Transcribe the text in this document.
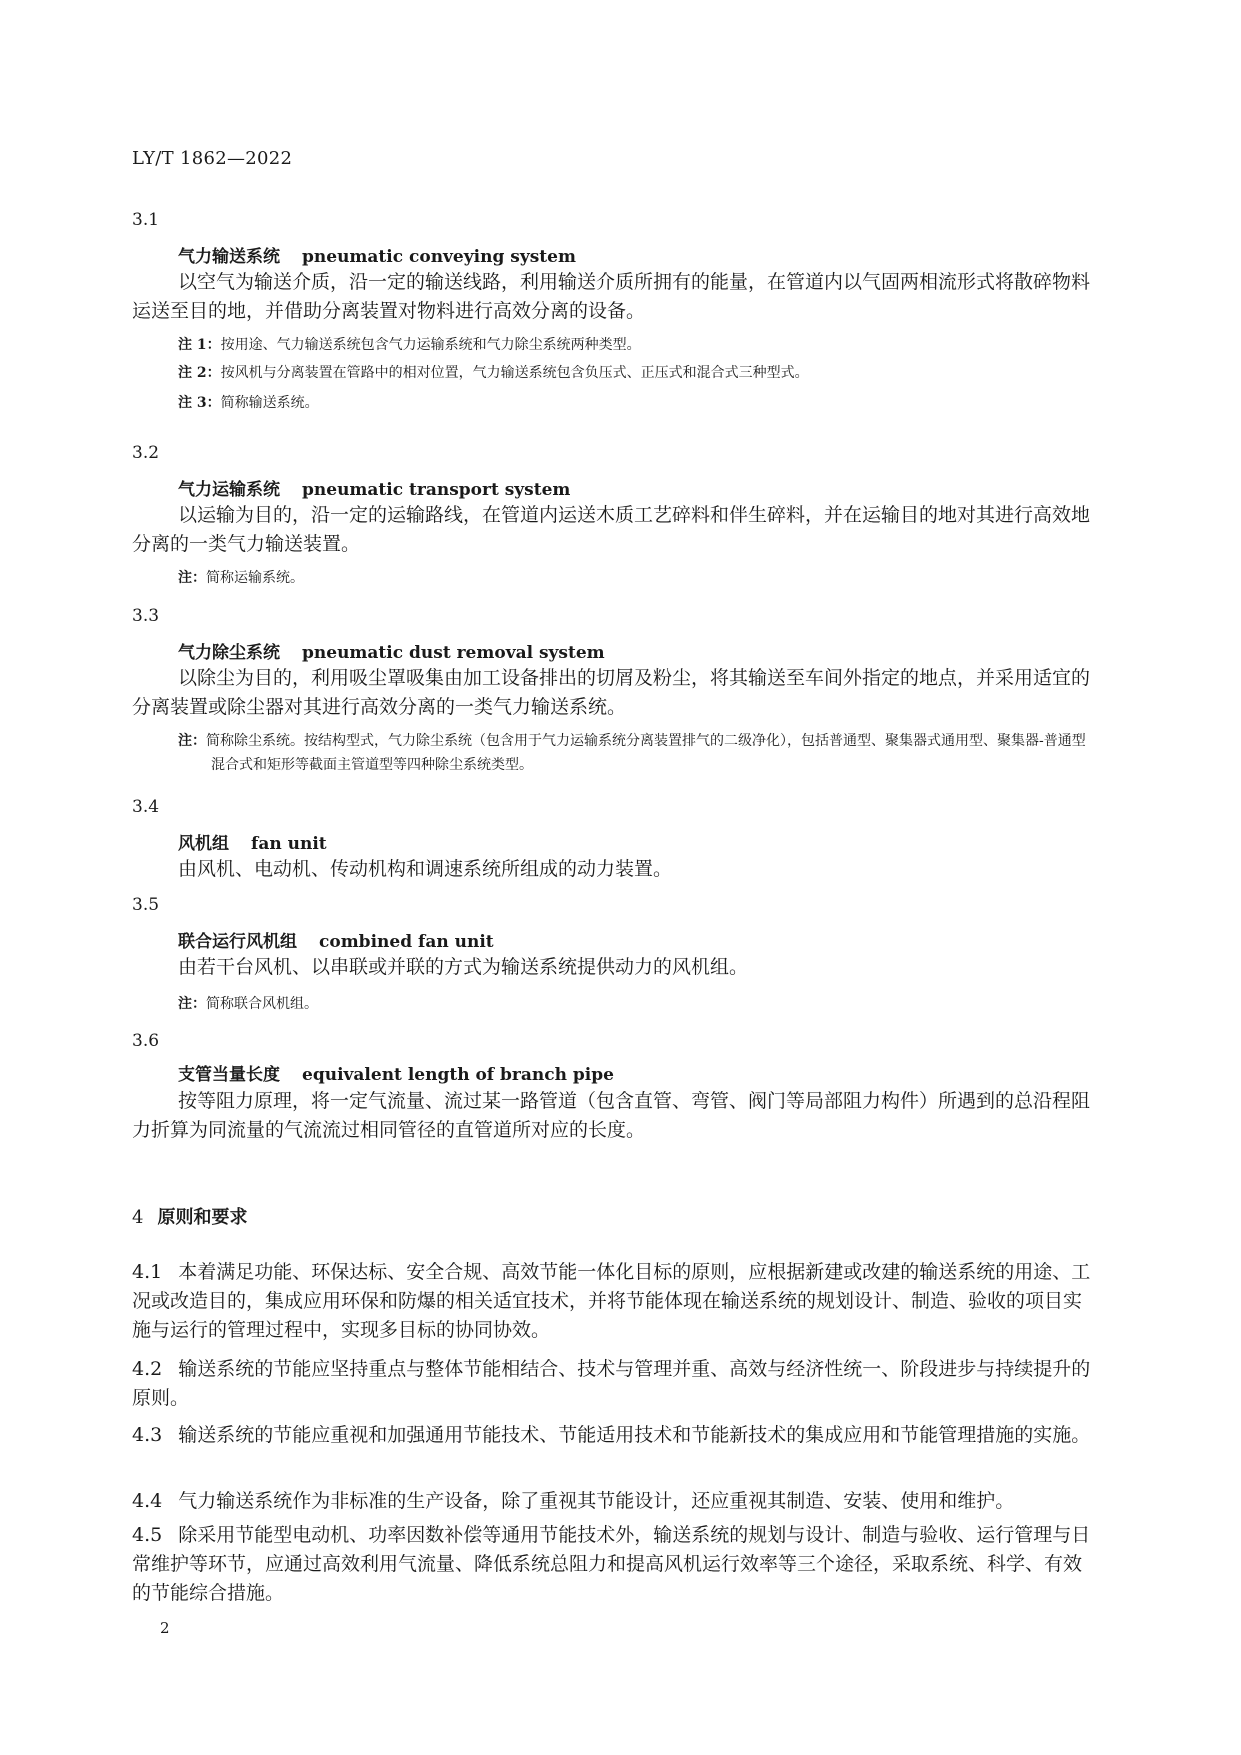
LY/T 1862—2022
3.1
气力输送系统 pneumatic conveying system
以空气为输送介质，沿一定的输送线路，利用输送介质所拥有的能量，在管道内以气固两相流形式将散碎物料运送至目的地，并借助分离装置对物料进行高效分离的设备。
注 1：按用途、气力输送系统包含气力运输系统和气力除尘系统两种类型。
注 2：按风机与分离装置在管路中的相对位置，气力输送系统包含负压式、正压式和混合式三种型式。
注 3：简称输送系统。
3.2
气力运输系统 pneumatic transport system
以运输为目的，沿一定的运输路线，在管道内运送木质工艺碎料和伴生碎料，并在运输目的地对其进行高效地分离的一类气力输送装置。
注：简称运输系统。
3.3
气力除尘系统 pneumatic dust removal system
以除尘为目的，利用吸尘罩吸集由加工设备排出的切屑及粉尘，将其输送至车间外指定的地点，并采用适宜的分离装置或除尘器对其进行高效分离的一类气力输送系统。
注：简称除尘系统。按结构型式，气力除尘系统（包含用于气力运输系统分离装置排气的二级净化），包括普通型、聚集器式通用型、聚集器-普通型混合式和矩形等截面主管道型等四种除尘系统类型。
3.4
风机组 fan unit
由风机、电动机、传动机构和调速系统所组成的动力装置。
3.5
联合运行风机组 combined fan unit
由若干台风机、以串联或并联的方式为输送系统提供动力的风机组。
注：简称联合风机组。
3.6
支管当量长度 equivalent length of branch pipe
按等阻力原理，将一定气流量、流过某一路管道（包含直管、弯管、阀门等局部阻力构件）所遇到的总沿程阻力折算为同流量的气流流过相同管径的直管道所对应的长度。
4 原则和要求
4.1 本着满足功能、环保达标、安全合规、高效节能一体化目标的原则，应根据新建或改建的输送系统的用途、工况或改造目的，集成应用环保和防爆的相关适宜技术，并将节能体现在输送系统的规划设计、制造、验收的项目实施与运行的管理过程中，实现多目标的协同协效。
4.2 输送系统的节能应坚持重点与整体节能相结合、技术与管理并重、高效与经济性统一、阶段进步与持续提升的原则。
4.3 输送系统的节能应重视和加强通用节能技术、节能适用技术和节能新技术的集成应用和节能管理措施的实施。
4.4 气力输送系统作为非标准的生产设备，除了重视其节能设计，还应重视其制造、安装、使用和维护。
4.5 除采用节能型电动机、功率因数补偿等通用节能技术外，输送系统的规划与设计、制造与验收、运行管理与日常维护等环节，应通过高效利用气流量、降低系统总阻力和提高风机运行效率等三个途径，采取系统、科学、有效的节能综合措施。
2
